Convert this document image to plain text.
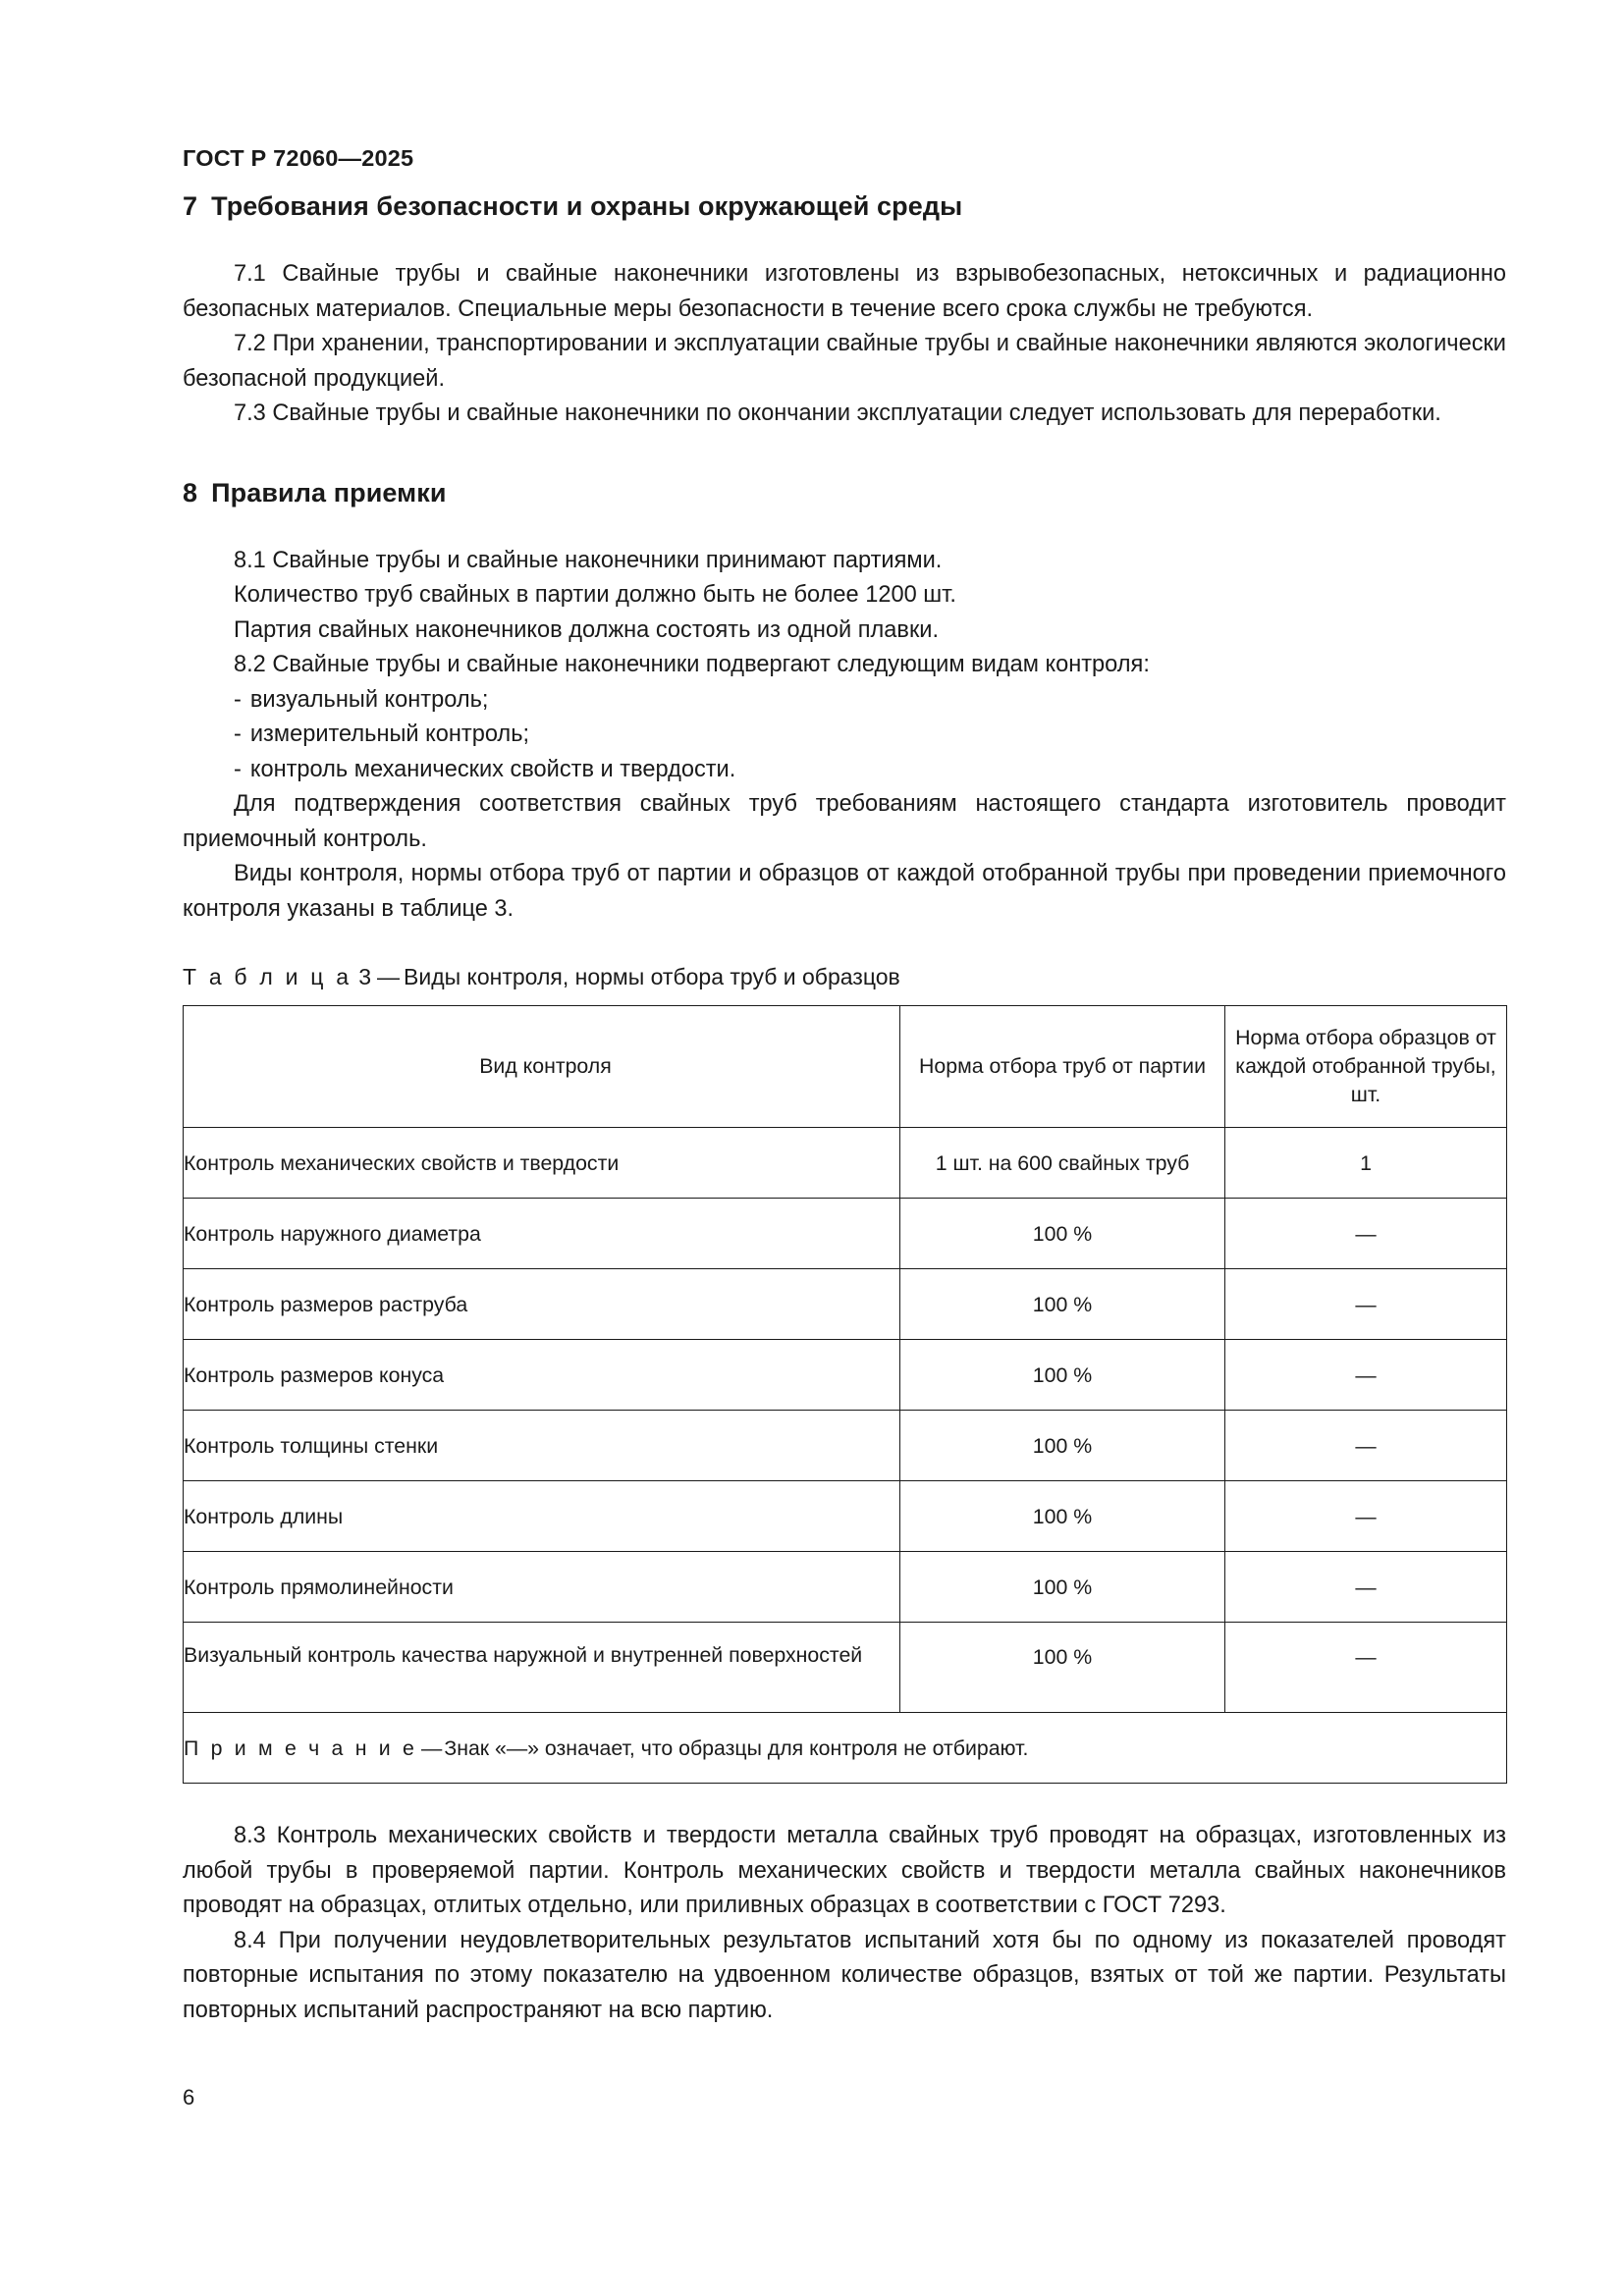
ГОСТ Р 72060—2025
7 Требования безопасности и охраны окружающей среды

7.1 Свайные трубы и свайные наконечники изготовлены из взрывобезопасных, нетоксичных и радиационно безопасных материалов. Специальные меры безопасности в течение всего срока службы не требуются.

7.2 При хранении, транспортировании и эксплуатации свайные трубы и свайные наконечники являются экологически безопасной продукцией.

7.3 Свайные трубы и свайные наконечники по окончании эксплуатации следует использовать для переработки.

8 Правила приемки

8.1 Свайные трубы и свайные наконечники принимают партиями.

Количество труб свайных в партии должно быть не более 1200 шт.

Партия свайных наконечников должна состоять из одной плавки.

8.2 Свайные трубы и свайные наконечники подвергают следующим видам контроля:

- визуальный контроль;

- измерительный контроль;

- контроль механических свойств и твердости.

Для подтверждения соответствия свайных труб требованиям настоящего стандарта изготовитель проводит приемочный контроль.

Виды контроля, нормы отбора труб от партии и образцов от каждой отобранной трубы при проведении приемочного контроля указаны в таблице 3.

Т а б л и ц а 3 — Виды контроля, нормы отбора труб и образцов

Вид контроля	Норма отбора труб от партии	Норма отбора образцов от каждой отобранной трубы, шт.
Контроль механических свойств и твердости	1 шт. на 600 свайных труб	1
Контроль наружного диаметра	100 %	—
Контроль размеров раструба	100 %	—
Контроль размеров конуса	100 %	—
Контроль толщины стенки	100 %	—
Контроль длины	100 %	—
Контроль прямолинейности	100 %	—
Визуальный контроль качества наружной и внутренней поверхностей	100 %	—
П р и м е ч а н и е —Знак «—» означает, что образцы для контроля не отбирают.		

8.3 Контроль механических свойств и твердости металла свайных труб проводят на образцах, изготовленных из любой трубы в проверяемой партии. Контроль механических свойств и твердости металла свайных наконечников проводят на образцах, отлитых отдельно, или приливных образцах в соответствии с ГОСТ 7293.

8.4 При получении неудовлетворительных результатов испытаний хотя бы по одному из показателей проводят повторные испытания по этому показателю на удвоенном количестве образцов, взятых от той же партии. Результаты повторных испытаний распространяют на всю партию.

6
